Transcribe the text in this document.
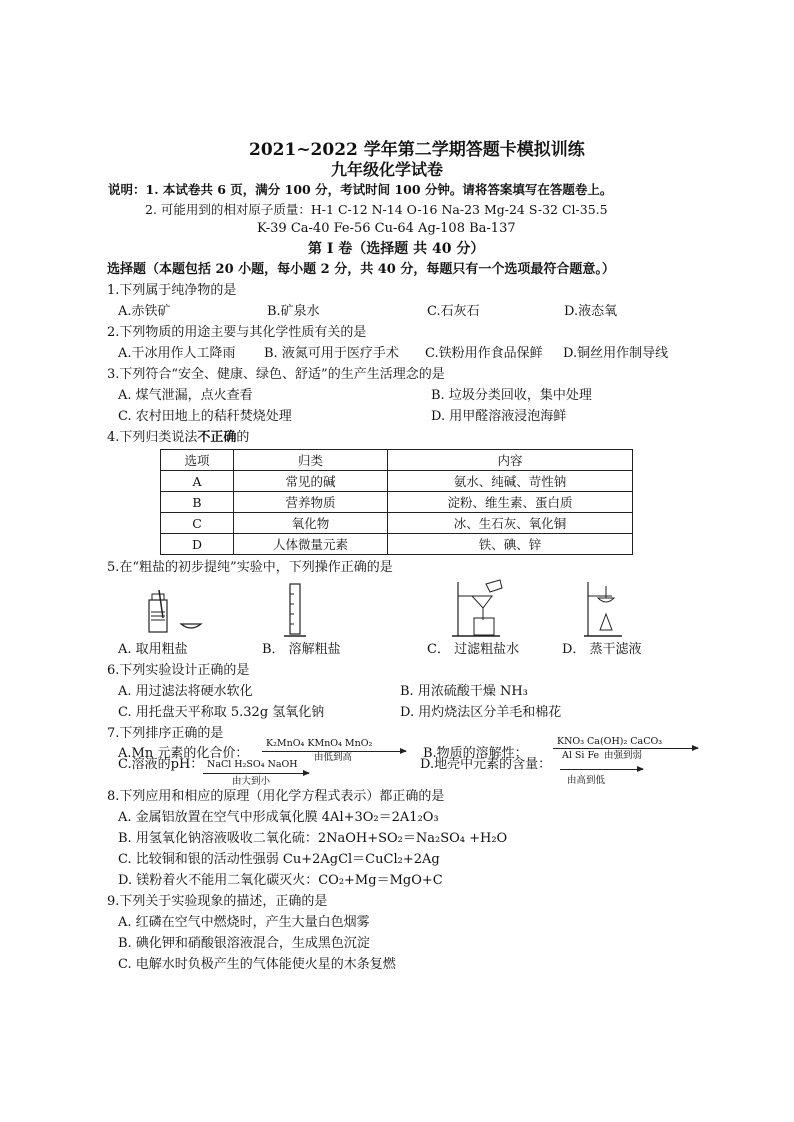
2021~2022 学年第二学期答题卡模拟训练
九年级化学试卷
说明：1. 本试卷共 6 页，满分 100 分，考试时间 100 分钟。请将答案填写在答题卷上。
2. 可能用到的相对原子质量：H-1 C-12 N-14 O-16 Na-23 Mg-24 S-32 Cl-35.5
K-39 Ca-40 Fe-56 Cu-64 Ag-108 Ba-137
第 I 卷（选择题 共 40 分）
选择题（本题包括 20 小题，每小题 2 分，共 40 分，每题只有一个选项最符合题意。）
1.下列属于纯净物的是
A.赤铁矿	B.矿泉水	C.石灰石	D.液态氧
2.下列物质的用途主要与其化学性质有关的是
A.干冰用作人工降雨 B. 液氮可用于医疗手术 C.铁粉用作食品保鲜 D.铜丝用作制导线
3.下列符合“安全、健康、绿色、舒适”的生产生活理念的是
A. 煤气泄漏，点火查看	B. 垃圾分类回收，集中处理
C. 农村田地上的秸秆焚烧处理	D. 用甲醛溶液浸泡海鲜
4.下列归类说法不正确的
选项	归类	内容
A	常见的碱	氨水、纯碱、苛性钠
B	营养物质	淀粉、维生素、蛋白质
C	氧化物	冰、生石灰、氧化铜
D	人体微量元素	铁、碘、锌
5.在“粗盐的初步提纯”实验中，下列操作正确的是
A. 取用粗盐	B． 溶解粗盐	C． 过滤粗盐水	D． 蒸干滤液
6.下列实验设计正确的是
A. 用过滤法将硬水软化	B. 用浓硫酸干燥 NH₃
C. 用托盘天平称取 5.32g 氢氧化钠	D. 用灼烧法区分羊毛和棉花
7.下列排序正确的是
A.Mn 元素的化合价：
K₂MnO₄ KMnO₄ MnO₂
由低到高	B.物质的溶解性：
KNO₃ Ca(OH)₂ CaCO₃
由强到弱
C.溶液的pH： NaCl H₂SO₄ NaOH
由大到小
D.地壳中元素的含量：
Al Si Fe
由高到低
8.下列应用和相应的原理（用化学方程式表示）都正确的是
A. 金属铝放置在空气中形成氧化膜 4Al+3O₂＝2A1₂O₃
B. 用氢氧化钠溶液吸收二氧化硫：2NaOH+SO₂＝Na₂SO₄ +H₂O
C. 比较铜和银的活动性强弱 Cu+2AgCl＝CuCl₂+2Ag
D. 镁粉着火不能用二氧化碳灭火：CO₂+Mg＝MgO+C
9.下列关于实验现象的描述，正确的是
A. 红磷在空气中燃烧时，产生大量白色烟雾
B. 碘化钾和硝酸银溶液混合，生成黑色沉淀
C. 电解水时负极产生的气体能使火星的木条复燃
